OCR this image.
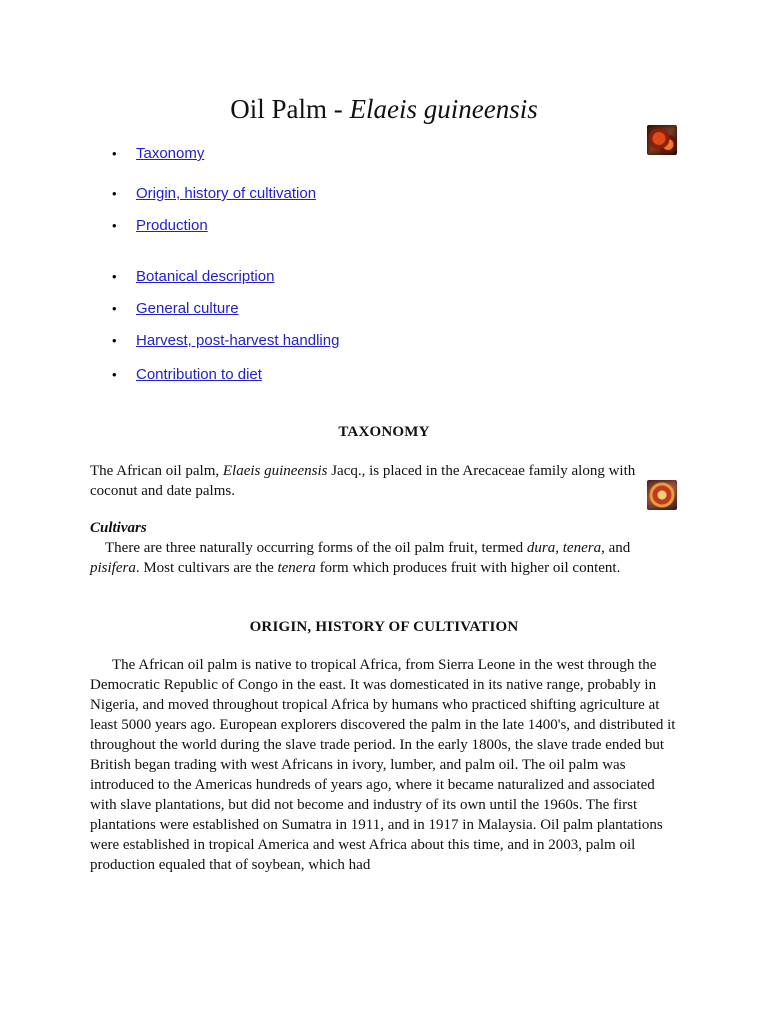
Oil Palm - Elaeis guineensis
• Taxonomy
• Origin, history of cultivation
• Production
• Botanical description
• General culture
• Harvest, post-harvest handling
• Contribution to diet
TAXONOMY

The African oil palm, Elaeis guineensis Jacq., is placed in the Arecaceae family along with coconut and date palms.

Cultivars
There are three naturally occurring forms of the oil palm fruit, termed dura, tenera, and pisifera. Most cultivars are the tenera form which produces fruit with higher oil content.
ORIGIN, HISTORY OF CULTIVATION

The African oil palm is native to tropical Africa, from Sierra Leone in the west through the Democratic Republic of Congo in the east. It was domesticated in its native range, probably in Nigeria, and moved throughout tropical Africa by humans who practiced shifting agriculture at least 5000 years ago. European explorers discovered the palm in the late 1400's, and distributed it throughout the world during the slave trade period. In the early 1800s, the slave trade ended but British began trading with west Africans in ivory, lumber, and palm oil. The oil palm was introduced to the Americas hundreds of years ago, where it became naturalized and associated with slave plantations, but did not become and industry of its own until the 1960s. The first plantations were established on Sumatra in 1911, and in 1917 in Malaysia. Oil palm plantations were established in tropical America and west Africa about this time, and in 2003, palm oil production equaled that of soybean, which had
